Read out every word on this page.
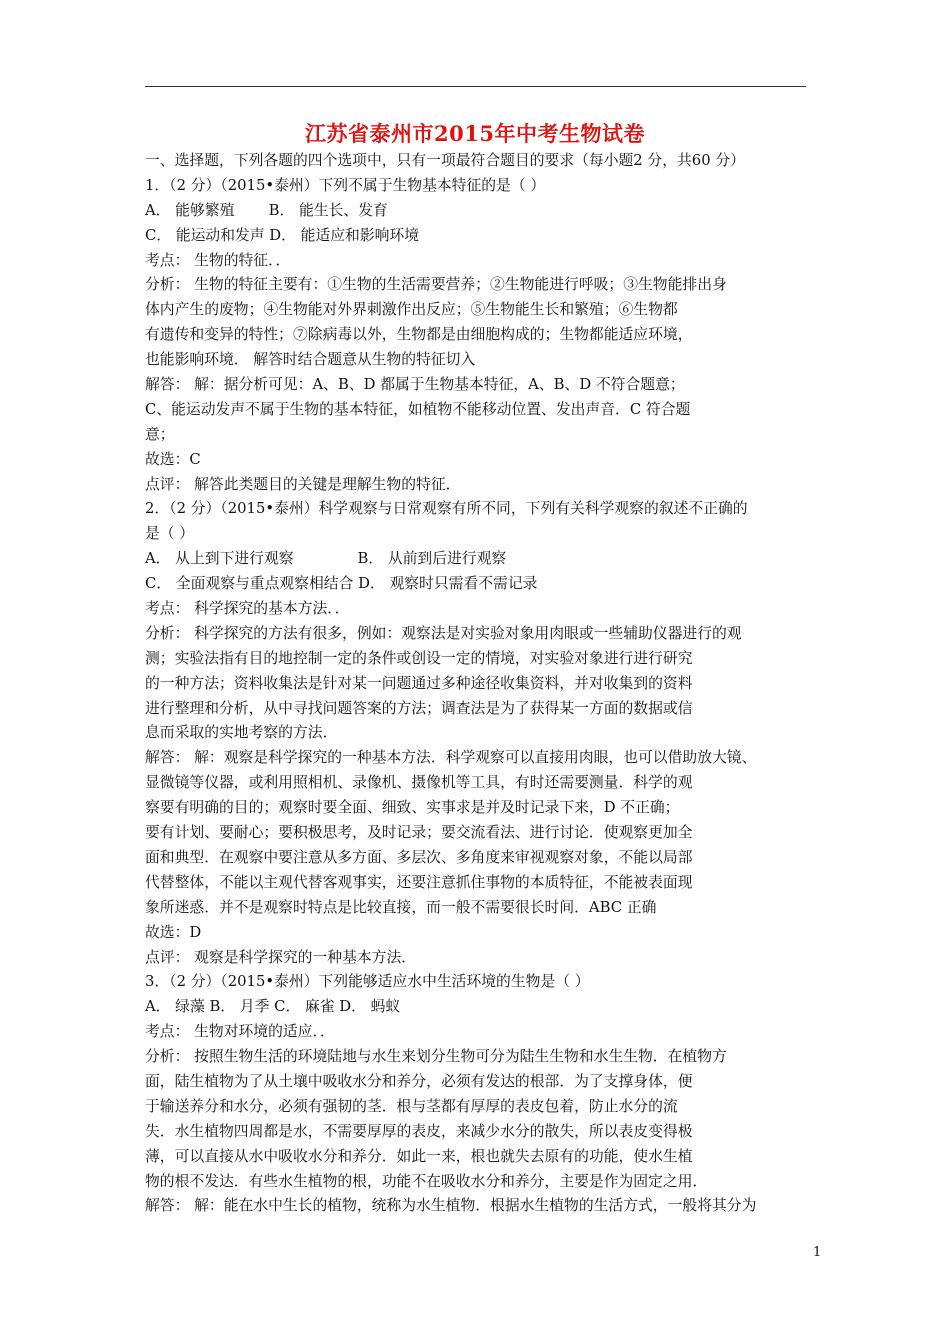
江苏省泰州市2015年中考生物试卷
一、选择题，下列各题的四个选项中，只有一项最符合题目的要求（每小题2 分，共60 分）
1．（2 分）（2015•泰州）下列不属于生物基本特征的是（ ）
A． 能够繁殖　　 B． 能生长、发育
C． 能运动和发声 D． 能适应和影响环境
考点： 生物的特征．．
分析： 生物的特征主要有：①生物的生活需要营养；②生物能进行呼吸；③生物能排出身
体内产生的废物；④生物能对外界刺激作出反应；⑤生物能生长和繁殖；⑥生物都
有遗传和变异的特性；⑦除病毒以外，生物都是由细胞构成的；生物都能适应环境，
也能影响环境． 解答时结合题意从生物的特征切入
解答： 解：据分析可见：A、B、D 都属于生物基本特征，A、B、D 不符合题意；
C、能运动发声不属于生物的基本特征，如植物不能移动位置、发出声音．C 符合题
意；
故选：C
点评： 解答此类题目的关键是理解生物的特征．
2．（2 分）（2015•泰州）科学观察与日常观察有所不同，下列有关科学观察的叙述不正确的
是（ ）
A． 从上到下进行观察　　　　 B． 从前到后进行观察
C． 全面观察与重点观察相结合 D． 观察时只需看不需记录
考点： 科学探究的基本方法．．
分析： 科学探究的方法有很多，例如：观察法是对实验对象用肉眼或一些辅助仪器进行的观
测；实验法指有目的地控制一定的条件或创设一定的情境，对实验对象进行进行研究
的一种方法；资料收集法是针对某一问题通过多种途径收集资料，并对收集到的资料
进行整理和分析，从中寻找问题答案的方法；调查法是为了获得某一方面的数据或信
息而采取的实地考察的方法．
解答： 解：观察是科学探究的一种基本方法．科学观察可以直接用肉眼，也可以借助放大镜、
显微镜等仪器，或利用照相机、录像机、摄像机等工具，有时还需要测量．科学的观
察要有明确的目的；观察时要全面、细致、实事求是并及时记录下来，D 不正确；
要有计划、要耐心；要积极思考，及时记录；要交流看法、进行讨论．使观察更加全
面和典型．在观察中要注意从多方面、多层次、多角度来审视观察对象，不能以局部
代替整体，不能以主观代替客观事实，还要注意抓住事物的本质特征，不能被表面现
象所迷惑．并不是观察时特点是比较直接，而一般不需要很长时间．ABC 正确
故选：D
点评： 观察是科学探究的一种基本方法．
3．（2 分）（2015•泰州）下列能够适应水中生活环境的生物是（ ）
A． 绿藻 B． 月季 C． 麻雀 D． 蚂蚁
考点： 生物对环境的适应．．
分析： 按照生物生活的环境陆地与水生来划分生物可分为陆生生物和水生生物．在植物方
面，陆生植物为了从土壤中吸收水分和养分，必须有发达的根部．为了支撑身体，便
于输送养分和水分，必须有强韧的茎．根与茎都有厚厚的表皮包着，防止水分的流
失．水生植物四周都是水，不需要厚厚的表皮，来减少水分的散失，所以表皮变得极
薄，可以直接从水中吸收水分和养分．如此一来，根也就失去原有的功能，使水生植
物的根不发达．有些水生植物的根，功能不在吸收水分和养分，主要是作为固定之用．
解答： 解：能在水中生长的植物，统称为水生植物．根据水生植物的生活方式，一般将其分为
1
